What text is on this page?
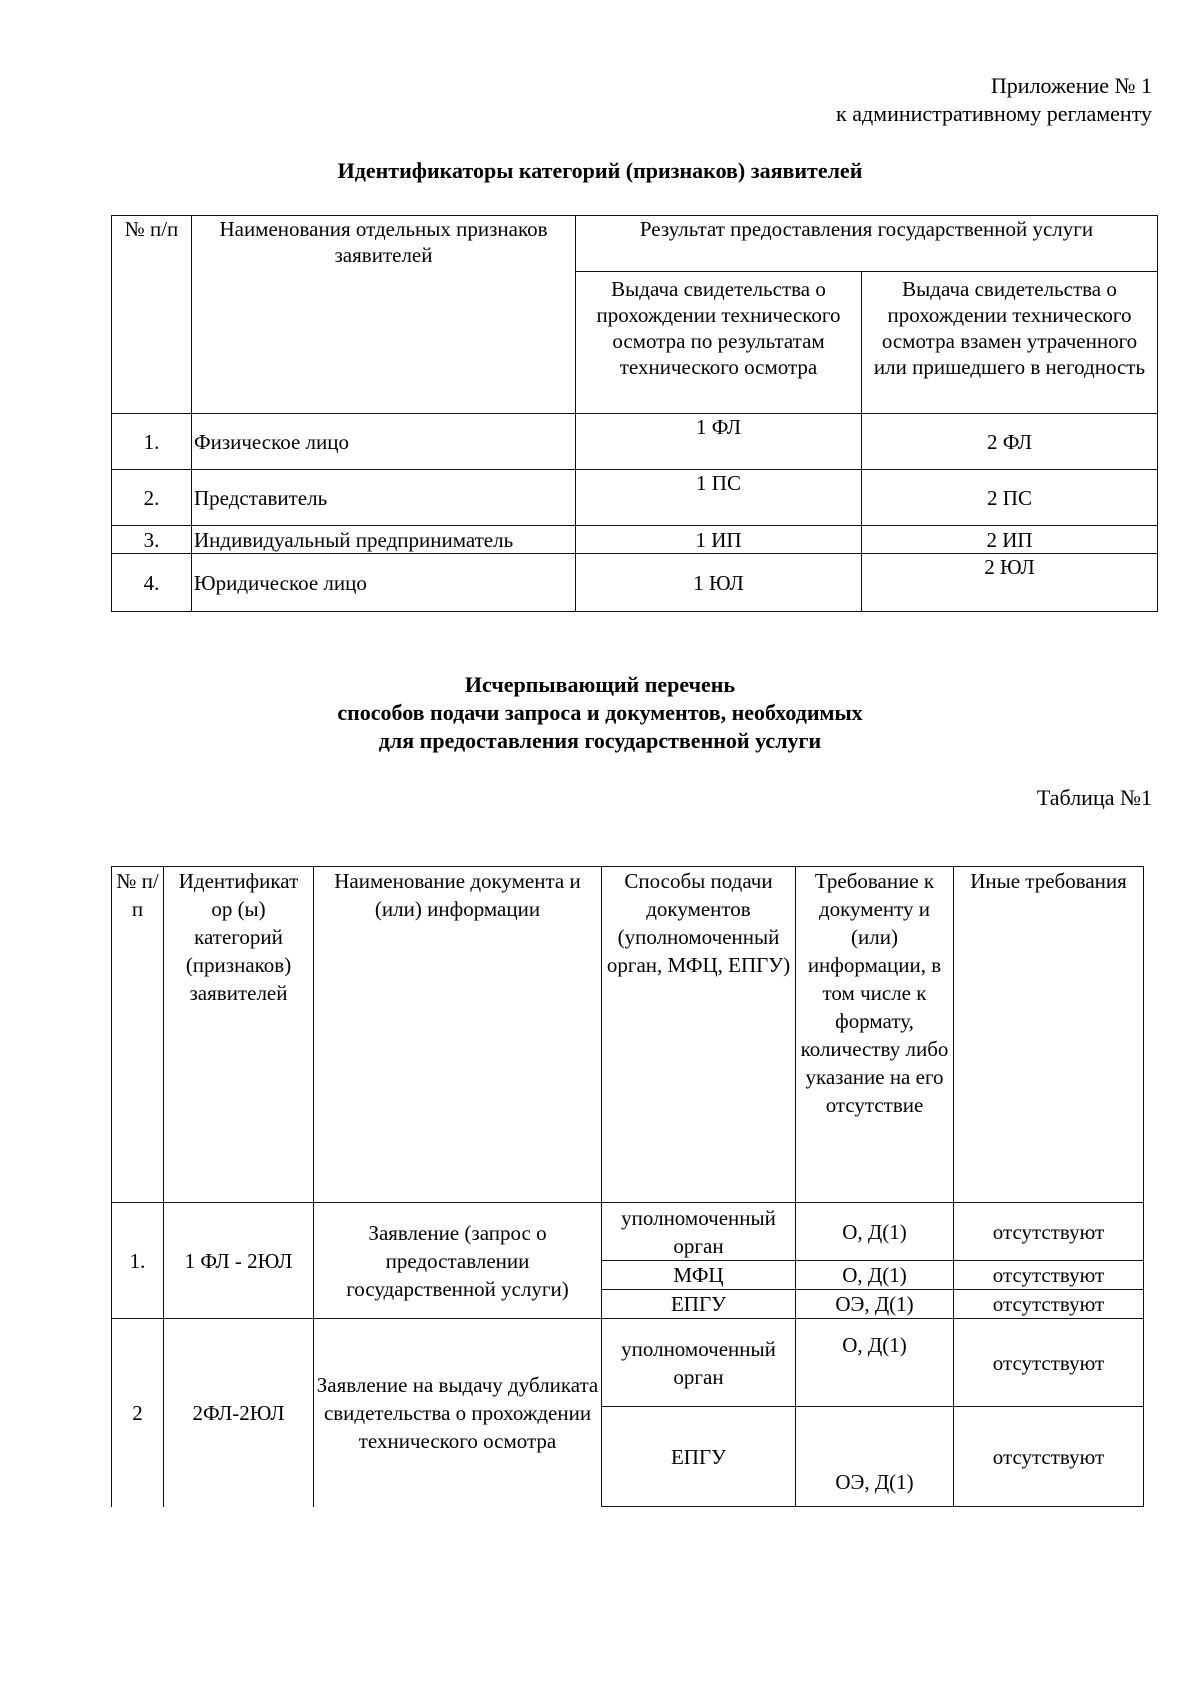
Приложение № 1
к административному регламенту
Идентификаторы категорий (признаков) заявителей
№ п/п	Наименования отдельных признаков заявителей	Результат предоставления государственной услуги	
		Выдача свидетельства о прохождении технического осмотра по результатам технического осмотра	Выдача свидетельства о прохождении технического осмотра взамен утраченного или пришедшего в негодность
1.	Физическое лицо	1 ФЛ	2 ФЛ
2.	Представитель	1 ПС	2 ПС
3.	Индивидуальный предприниматель	1 ИП	2 ИП
4.	Юридическое лицо	1 ЮЛ	2 ЮЛ
Исчерпывающий перечень
способов подачи запроса и документов, необходимых
для предоставления государственной услуги
Таблица №1
№ п/п	Идентификат ор (ы) категорий (признаков) заявителей	Наименование документа и (или) информации	Способы подачи документов (уполномоченный орган, МФЦ, ЕПГУ)	Требование к документу и (или) информации, в том числе к формату, количеству либо указание на его отсутствие	Иные требования
1.	1 ФЛ - 2ЮЛ	Заявление (запрос о предоставлении государственной услуги)	уполномоченный орган	О, Д(1)	отсутствуют
			МФЦ	О, Д(1)	отсутствуют
			ЕПГУ	ОЭ, Д(1)	отсутствуют
2	2ФЛ-2ЮЛ	Заявление на выдачу дубликата свидетельства о прохождении технического осмотра	уполномоченный орган	О, Д(1)	отсутствуют
			ЕПГУ	ОЭ, Д(1)	отсутствуют
